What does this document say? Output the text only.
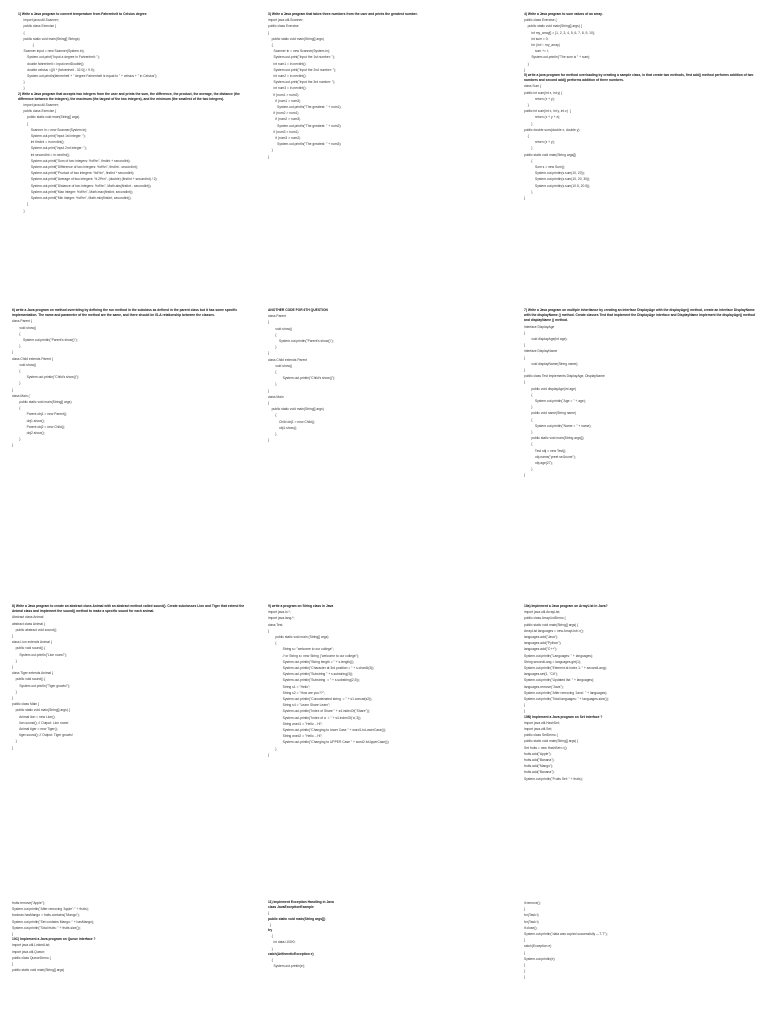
1) Write a Java program to convert temperature from Fahrenheit to Celsius degree
import java.util.Scanner;
public class Exercise {
{
public static void main(String[] Strings)
{
Scanner input = new Scanner(System.in);
System.out.print("Input a degree in Fahrenheit: ");
double fahrenheit = input.nextDouble();
double celsius =((5 * (fahrenheit - 32.0)) / 9.0);
System.out.println(fahrenheit + " degree Fahrenheit is equal to " + celsius + " in Celsius");
}
}
2) Write a Java program that accepts two integers from the user and prints the sum, the difference, the product, the average, the distance (the difference between the integers), the maximum (the largest of the two integers), and the minimum (the smallest of the two integers).
import java.util.Scanner;
public class Exercise {
public static void main(String[] args)
{
Scanner in = new Scanner(System.in);
System.out.print("Input 1st integer: ");
int firstInt = in.nextInt();
System.out.print("Input 2nd integer: ");
int secondInt = in.nextInt();
System.out.printf("Sum of two integers: %d%n", firstInt + secondInt);
System.out.printf("Difference of two integers: %d%n", firstInt - secondInt);
System.out.printf("Product of two integers: %d%n", firstInt * secondInt);
System.out.printf("Average of two integers: %.2f%n", (double) (firstInt + secondInt) / 2);
System.out.printf("Distance of two integers: %d%n", Math.abs(firstInt - secondInt));
System.out.printf("Max integer: %d%n", Math.max(firstInt, secondInt));
System.out.printf("Min integer: %d%n", Math.min(firstInt, secondInt));
}
}
3) Write a Java program that takes three numbers from the user and prints the greatest number.
import java.util.Scanner;
public class Exercise
{
public static void main(String[] args)
{
Scanner in = new Scanner(System.in);
System.out.print("Input the 1st number: ");
int num1 = in.nextInt();
System.out.print("Input the 2nd number: ");
int num2 = in.nextInt();
System.out.print("Input the 3rd number: ");
int num3 = in.nextInt();
if (num1 > num2)
if (num1 > num3)
System.out.println("The greatest: " + num1);
if (num2 > num1)
if (num2 > num3)
System.out.println("The greatest: " + num2);
if (num3 > num1)
if (num3 > num2)
System.out.println("The greatest: " + num3);
}
}
4) Write a Java program to sum values of an array.
public class Exercise {
public static void main(String[] args) {
int my_array[] = {1, 2, 3, 4, 5, 6, 7, 8, 9, 10};
int sum = 0;
for (int i : my_array)
sum += i;
System.out.println("The sum is " + sum);
}
}
5) write a java program for method overloading by creating a sample class, in that create two methods, first add() method performs addition of two numbers and second add() performs addition of three numbers.
class Sum {
public int sum(int x, int y) {
return (x + y);
}
public int sum(int x, int y, int z)  {
return (x + y + z);
}
public double sum(double x, double y)
{
return (x + y);
}
public static void main(String args[])
{
Sum s = new Sum();
System.out.println(s.sum(10, 20));
System.out.println(s.sum(10, 20, 30));
System.out.println(s.sum(10.5, 20.5));
}
}
6) write a Java program on method overriding by defining the run method in the subclass as defined in the parent class but it has some specific implementation. The name and parameter of the method are the same, and there should be IS-A relationship between the classes.
class Parent {
void show()
{
System.out.println("Parent's show()");
}
}
class Child extends Parent {
void show()
{
System.out.println("Child's show()");
}
}
class Main {
public static void main(String[] args)
{
Parent obj1 = new Parent();
obj1.show();
Parent obj2 = new Child();
obj2.show();
}
}
ANOTHER CODE FOR 6TH QUESTION
class Parent
{
void show()
{
System.out.println("Parent's show()");
}
}
class Child extends Parent
void show()
{
System.out.println("Child's show()");
}
}
class Main
{
public static void main(String[] args)
{
Child obj1 = new Child();
obj1.show();
}
}
7) Write a Java program on multiple inheritance by creating an interface DisplayAge with the displayAge() method, create an interface DisplayName with the displayName () method. Create classes Test that implement the DisplayAge interface and DisplayName Implement the displayAge() method and displayName () method.
interface DisplayAge
{
void displayAge(int age);
}
interface DisplayName
{
void displayName(String name);
}
public class Test implements DisplayAge, DisplayName
{
public void displayAge(int age)
{
System.out.println("Age = " + age);
}
public void name(String name)
{
System.out.println("Name = " + name);
}
public static void main(String args[])
{
Test obj = new Test();
obj.name("preet sel1sone");
obj.age(27);
}
}
8) Write a Java program to create an abstract class Animal with an abstract method called sound(). Create subclasses Lion and Tiger that extend the Animal class and implement the sound() method to make a specific sound for each animal.
Abstract class Animal
abstract class Animal {
public abstract void sound();
}
class Lion extends Animal {
public void sound() {
System.out.println("Lion roars!");
}
}
class Tiger extends Animal {
public void sound() {
System.out.println("Tiger growls!");
}
}
public class Main {
public static void main(String[] args) {
Animal lion = new Lion();
lion.sound(); // Output: Lion roars!
Animal tiger = new Tiger();
tiger.sound(); // Output: Tiger growls!
}
}
9) write a program on String class in Java
import java.io.*;
import java.lang.*;
class Test
{
public static void main (String[] args)
{
String s= "welcome to our college";
// or String s= new String ("welcome to our college");
System.out.println("String length = " + s.length());
System.out.println("Character at 3rd position = " + s.charAt(3));
System.out.println("Substring " + s.substring(3));
System.out.println("Substring  = " + s.substring(2,5));
String s1 = "Hello";
String s2 = "How are you??";
System.out.println("Concatenated string  = " + s1.concat(s2));
String s4 = "Learn Share Learn";
System.out.println("Index of Share " + s4.indexOf("Share"));
System.out.println("Index of a  = " + s4.indexOf('a',3));
String word1 = "Hello ...Hi";
System.out.println("Changing to lower Case " + word1.toLowerCase());
String word2 = "Hello ...Hi";
System.out.println("Changing to UPPER Case " + word2.toUpperCase());
}
}
10a) Implement a Java program on ArrayList in Java?
import java.util.ArrayList;
public class ArrayListDemo {
public static void main(String[] args) {
ArrayList languages = new ArrayList<>();
languages.add("Java");
languages.add("Python");
languages.add("C++");
System.out.println("Languages: " + languages);
String secondLang = languages.get(1);
System.out.println("Element at index 1: " + secondLang);
languages.set(1, "C#");
System.out.println("Updated list: " + languages);
languages.remove("Java");
System.out.println("After removing 'Java': " + languages);
System.out.println("Total languages: " + languages.size());
}
}
10B) Implement a Java program on Set interface ?
import java.util.HashSet;
import java.util.Set;
public class SetDemo {
public static void main(String[] args) {
Set fruits = new HashSet<>();
fruits.add("Apple");
fruits.add("Banana");
fruits.add("Mango");
fruits.add("Banana");
System.out.println("Fruits Set: " + fruits);
fruits.remove("Apple");
System.out.println("After removing 'Apple': " + fruits);
boolean hasMango = fruits.contains("Mango");
System.out.println("Set contains Mango: " + hasMango);
System.out.println("Total fruits: " + fruits.size());
}
10C) Implement a Java program on Queue interface ?
import java.util.LinkedList;
import java.util.Queue;
public class QueueDemo {
{
public static void main(String[] args)
11) Implement Exception Handling in Java
class JavaExceptionExample
{
public static void main(String args[])
{
try
{
int data=100/0;
}
catch(ArithmeticException e)
{
System.out.println(e);
if.remove();
}
for(Task t)
for(Task t)
if.close();
System.out.println("data was copied successfully ---T-T");
}
catch(Exception e)
{
System.out.println(e);
}
}
}
